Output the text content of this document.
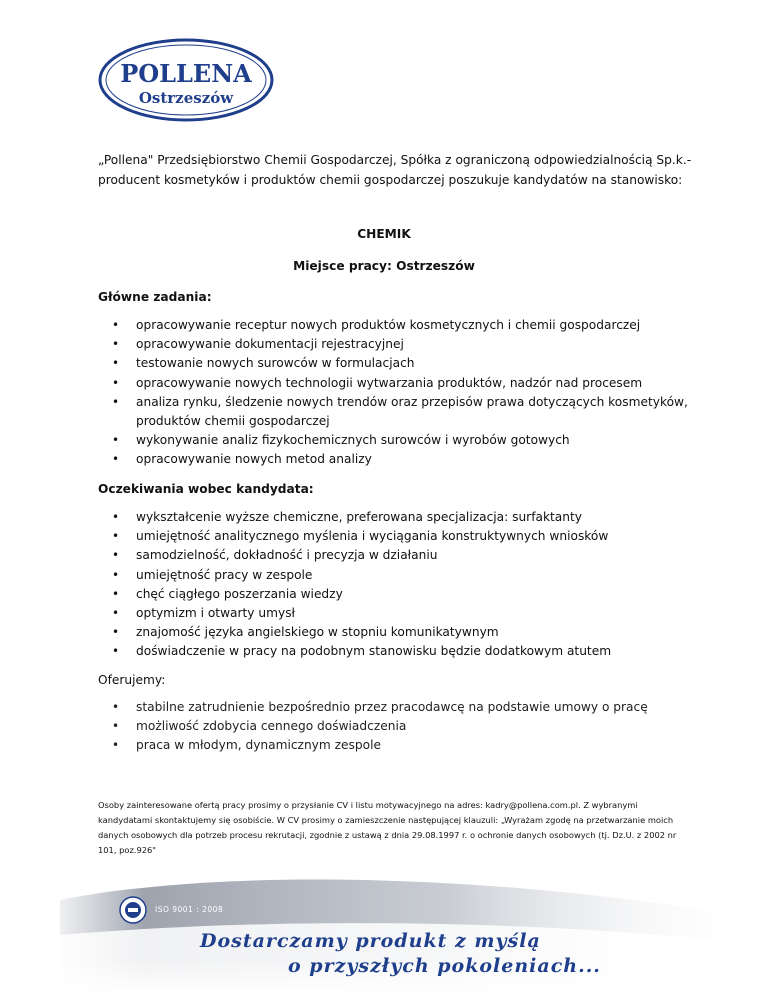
POLLENA
Ostrzeszów
„Pollena" Przedsiębiorstwo Chemii Gospodarczej, Spółka z ograniczoną odpowiedzialnością Sp.k.-
producent kosmetyków i produktów chemii gospodarczej poszukuje kandydatów na stanowisko:
CHEMIK
Miejsce pracy: Ostrzeszów
Główne zadania:
• opracowywanie receptur nowych produktów kosmetycznych i chemii gospodarczej
• opracowywanie dokumentacji rejestracyjnej
• testowanie nowych surowców w formulacjach
• opracowywanie nowych technologii wytwarzania produktów, nadzór nad procesem
• analiza rynku, śledzenie nowych trendów oraz przepisów prawa dotyczących kosmetyków, produktów chemii gospodarczej
• wykonywanie analiz fizykochemicznych surowców i wyrobów gotowych
• opracowywanie nowych metod analizy
Oczekiwania wobec kandydata:
• wykształcenie wyższe chemiczne, preferowana specjalizacja: surfaktanty
• umiejętność analitycznego myślenia i wyciągania konstruktywnych wniosków
• samodzielność, dokładność i precyzja w działaniu
• umiejętność pracy w zespole
• chęć ciągłego poszerzania wiedzy
• optymizm i otwarty umysł
• znajomość języka angielskiego w stopniu komunikatywnym
• doświadczenie w pracy na podobnym stanowisku będzie dodatkowym atutem
Oferujemy:
• stabilne zatrudnienie bezpośrednio przez pracodawcę na podstawie umowy o pracę
• możliwość zdobycia cennego doświadczenia
• praca w młodym, dynamicznym zespole
Osoby zainteresowane ofertą pracy prosimy o przysłanie CV i listu motywacyjnego na adres: kadry@pollena.com.pl. Z wybranymi kandydatami skontaktujemy się osobiście. W CV prosimy o zamieszczenie następującej klauzuli: „Wyrażam zgodę na przetwarzanie moich danych osobowych dla potrzeb procesu rekrutacji, zgodnie z ustawą z dnia 29.08.1997 r. o ochronie danych osobowych (tj. Dz.U. z 2002 nr 101, poz.926"
ISO 9001 : 2008
Dostarczamy produkt z myślą
o przyszłych pokoleniach...
